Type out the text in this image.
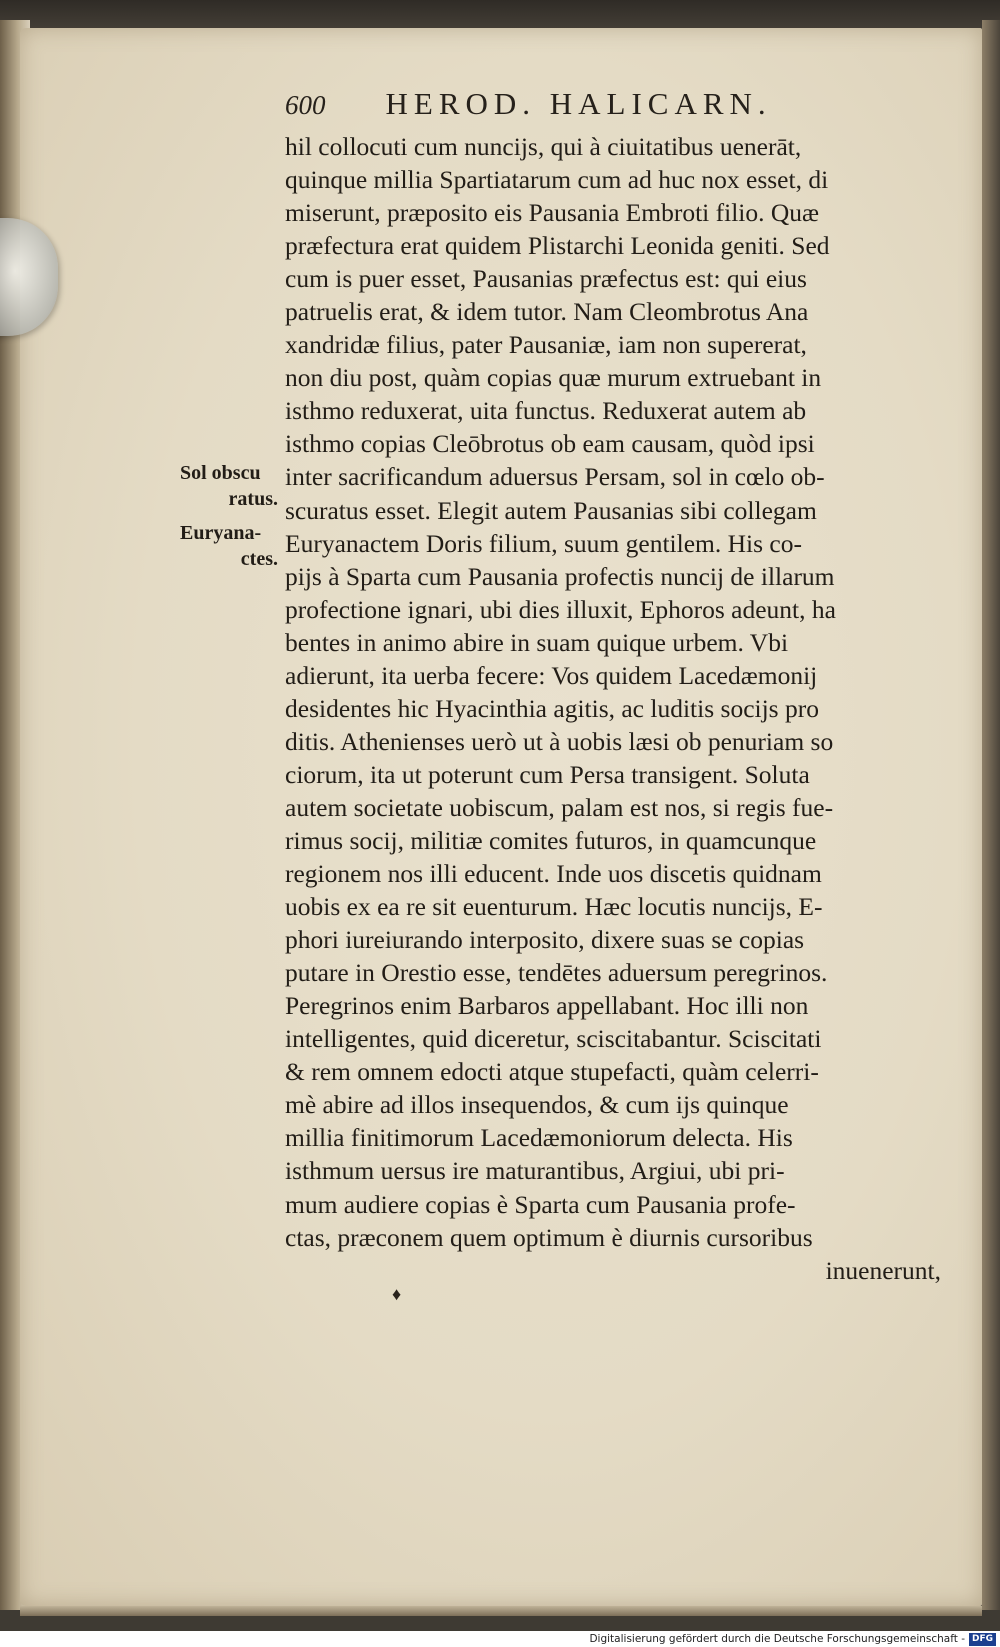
600 HEROD. HALICARN.
Sol obscu
ratus.
Euryana-
ctes.
hil collocuti cum nuncijs, qui à ciuitatibus uenerāt,
quinque millia Spartiatarum cum ad huc nox esset, di
miserunt, præposito eis Pausania Embroti filio. Quæ
præfectura erat quidem Plistarchi Leonida geniti. Sed
cum is puer esset, Pausanias præfectus est: qui eius
patruelis erat, & idem tutor. Nam Cleombrotus Ana
xandridæ filius, pater Pausaniæ, iam non supererat,
non diu post, quàm copias quæ murum extruebant in
isthmo reduxerat, uita functus. Reduxerat autem ab
isthmo copias Cleōbrotus ob eam causam, quòd ipsi
inter sacrificandum aduersus Persam, sol in cœlo ob-
scuratus esset. Elegit autem Pausanias sibi collegam
Euryanactem Doris filium, suum gentilem. His co-
pijs à Sparta cum Pausania profectis nuncij de illarum
profectione ignari, ubi dies illuxit, Ephoros adeunt, ha
bentes in animo abire in suam quique urbem. Vbi
adierunt, ita uerba fecere: Vos quidem Lacedæmonij
desidentes hic Hyacinthia agitis, ac luditis socijs pro
ditis. Athenienses uerò ut à uobis læsi ob penuriam so
ciorum, ita ut poterunt cum Persa transigent. Soluta
autem societate uobiscum, palam est nos, si regis fue-
rimus socij, militiæ comites futuros, in quamcunque
regionem nos illi educent. Inde uos discetis quidnam
uobis ex ea re sit euenturum. Hæc locutis nuncijs, E-
phori iureiurando interposito, dixere suas se copias
putare in Orestio esse, tendētes aduersum peregrinos.
Peregrinos enim Barbaros appellabant. Hoc illi non
intelligentes, quid diceretur, sciscitabantur. Sciscitati
& rem omnem edocti atque stupefacti, quàm celerri-
mè abire ad illos insequendos, & cum ijs quinque
millia finitimorum Lacedæmoniorum delecta. His
isthmum uersus ire maturantibus, Argiui, ubi pri-
mum audiere copias è Sparta cum Pausania profe-
ctas, præconem quem optimum è diurnis cursoribus
inuenerunt,
♦
Digitalisierung gefördert durch die Deutsche Forschungsgemeinschaft - DFG
